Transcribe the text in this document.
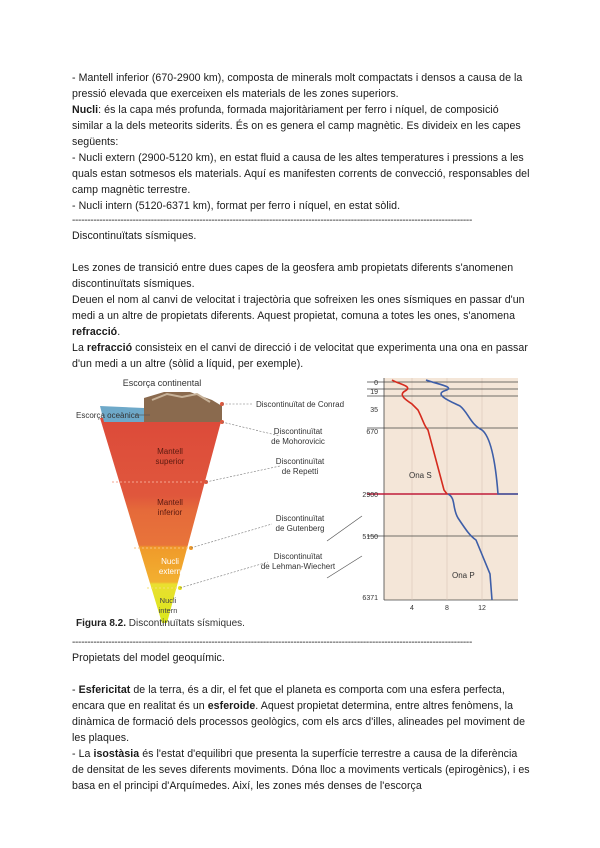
- Mantell inferior (670-2900 km), composta de minerals molt compactats i densos a causa de la pressió elevada que exerceixen els materials de les zones superiors.

Nucli: és la capa més profunda, formada majoritàriament per ferro i níquel, de composició similar a la dels meteorits siderits. És on es genera el camp magnètic. Es divideix en les capes següents:

- Nucli extern (2900-5120 km), en estat fluid a causa de les altes temperatures i pressions a les quals estan sotmesos els materials. Aquí es manifesten corrents de convecció, responsables del camp magnètic terrestre.

- Nucli intern (5120-6371 km), format per ferro i níquel, en estat sòlid.

------------------------------------------------------------------------------------------------------------------------------------

Discontinuïtats sísmiques.

Les zones de transició entre dues capes de la geosfera amb propietats diferents s'anomenen discontinuïtats sísmiques.

Deuen el nom al canvi de velocitat i trajectòria que sofreixen les ones sísmiques en passar d'un medi a un altre de propietats diferents. Aquest propietat, comuna a totes les ones, s'anomena refracció.

La refracció consisteix en el canvi de direcció i de velocitat que experimenta una ona en passar d'un medi a un altre (sòlid a líquid, per exemple).

Escorça continental
Escorça oceànica
Mantell
superior
Mantell
inferior
Nucli
extern
Nucli
intern
Discontinuïtat de Conrad
Discontinuïtat
de Mohorovicic
Discontinuïtat
de Repetti
Discontinuïtat
de Gutenberg
Discontinuïtat
de Lehman-Wiechert
Ona S
Ona P
0
19
35
670
2900
5150
6371
4	8	12
Figura 8.2. Discontinuïtats sísmiques.
------------------------------------------------------------------------------------------------------------------------------------

Propietats del model geoquímic.

- Esfericitat de la terra, és a dir, el fet que el planeta es comporta com una esfera perfecta, encara que en realitat és un esferoide. Aquest propietat determina, entre altres fenòmens, la dinàmica de formació dels processos geològics, com els arcs d'illes, alineades pel moviment de les plaques.

- La isostàsia és l'estat d'equilibri que presenta la superfície terrestre a causa de la diferència de densitat de les seves diferents moviments. Dóna lloc a moviments verticals (epirogènics), i es basa en el principi d'Arquímedes. Així, les zones més denses de l'escorça
